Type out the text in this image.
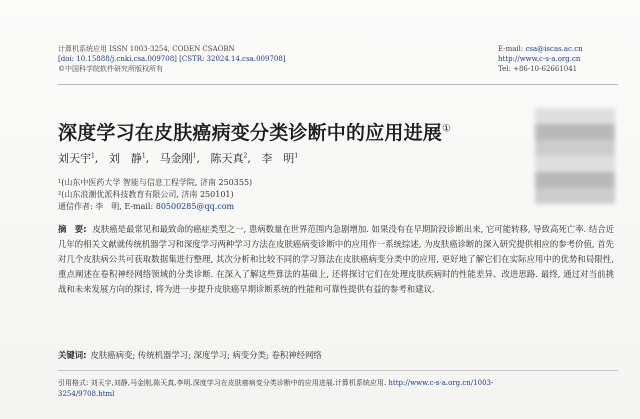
计算机系统应用 ISSN 1003-3254, CODEN CSAOBN
[doi: 10.15888/j.cnki.csa.009708] [CSTR: 32024.14.csa.009708]
©中国科学院软件研究所版权所有
E-mail: csa@iscas.ac.cn
http://www.c-s-a.org.cn
Tel: +86-10-62661041
深度学习在皮肤癌病变分类诊断中的应用进展①
刘天宇$^1$, 刘　静$^1$, 马金刚$^1$, 陈天真$^2$, 李　明$^1$
¹(山东中医药大学 智能与信息工程学院, 济南 250355)
²(山东浪潮优派科技教育有限公司, 济南 250101)
通信作者: 李　明, E-mail: 80500285@qq.com
摘　要: 皮肤癌是最常见和最致命的癌症类型之一, 患病数量在世界范围内急剧增加. 如果没有在早期阶段诊断出来, 它可能转移, 导致高死亡率. 结合近几年的相关文献就传统机器学习和深度学习两种学习方法在皮肤癌病变诊断中的应用作一系统综述, 为皮肤癌诊断的深入研究提供相应的参考价值, 首先对几个皮肤病公共可获取数据集进行整理, 其次分析和比较不同的学习算法在皮肤癌病变分类中的应用, 更好地了解它们在实际应用中的优势和局限性, 重点阐述在卷积神经网络领域的分类诊断. 在深入了解这些算法的基础上, 还将探讨它们在处理皮肤疾病时的性能差异、改进思路. 最终, 通过对当前挑战和未来发展方向的探讨, 将为进一步提升皮肤癌早期诊断系统的性能和可靠性提供有益的参考和建议.
关键词: 皮肤癌病变; 传统机器学习; 深度学习; 病变分类; 卷积神经网络
引用格式: 刘天宇,刘静,马金刚,陈天真,李明.深度学习在皮肤癌病变分类诊断中的应用进展.计算机系统应用. http://www.c-s-a.org.cn/1003-
3254/9708.html
